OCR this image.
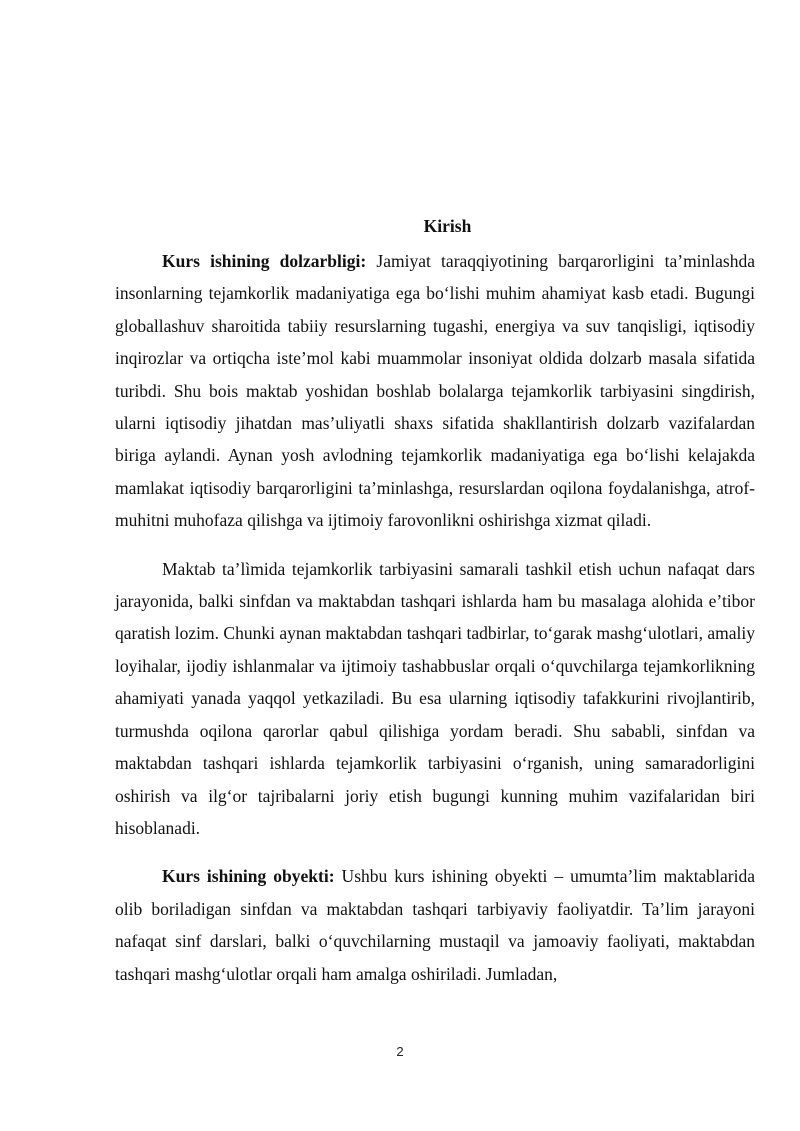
Kirish

Kurs ishining dolzarbligi: Jamiyat taraqqiyotining barqarorligini ta’minlashda insonlarning tejamkorlik madaniyatiga ega bo‘lishi muhim ahamiyat kasb etadi. Bugungi globallashuv sharoitida tabiiy resurslarning tugashi, energiya va suv tanqisligi, iqtisodiy inqirozlar va ortiqcha iste’mol kabi muammolar insoniyat oldida dolzarb masala sifatida turibdi. Shu bois maktab yoshidan boshlab bolalarga tejamkorlik tarbiyasini singdirish, ularni iqtisodiy jihatdan mas’uliyatli shaxs sifatida shakllantirish dolzarb vazifalardan biriga aylandi. Aynan yosh avlodning tejamkorlik madaniyatiga ega bo‘lishi kelajakda mamlakat iqtisodiy barqarorligini ta’minlashga, resurslardan oqilona foydalanishga, atrof-muhitni muhofaza qilishga va ijtimoiy farovonlikni oshirishga xizmat qiladi.

Maktab ta’lìmida tejamkorlik tarbiyasini samarali tashkil etish uchun nafaqat dars jarayonida, balki sinfdan va maktabdan tashqari ishlarda ham bu masalaga alohida e’tibor qaratish lozim. Chunki aynan maktabdan tashqari tadbirlar, to‘garak mashg‘ulotlari, amaliy loyihalar, ijodiy ishlanmalar va ijtimoiy tashabbuslar orqali o‘quvchilarga tejamkorlikning ahamiyati yanada yaqqol yetkaziladi. Bu esa ularning iqtisodiy tafakkurini rivojlantirib, turmushda oqilona qarorlar qabul qilishiga yordam beradi. Shu sababli, sinfdan va maktabdan tashqari ishlarda tejamkorlik tarbiyasini o‘rganish, uning samaradorligini oshirish va ilg‘or tajribalarni joriy etish bugungi kunning muhim vazifalaridan biri hisoblanadi.

Kurs ishining obyekti: Ushbu kurs ishining obyekti – umumta’lim maktablarida olib boriladigan sinfdan va maktabdan tashqari tarbiyaviy faoliyatdir. Ta’lim jarayoni nafaqat sinf darslari, balki o‘quvchilarning mustaqil va jamoaviy faoliyati, maktabdan tashqari mashg‘ulotlar orqali ham amalga oshiriladi. Jumladan,

2
